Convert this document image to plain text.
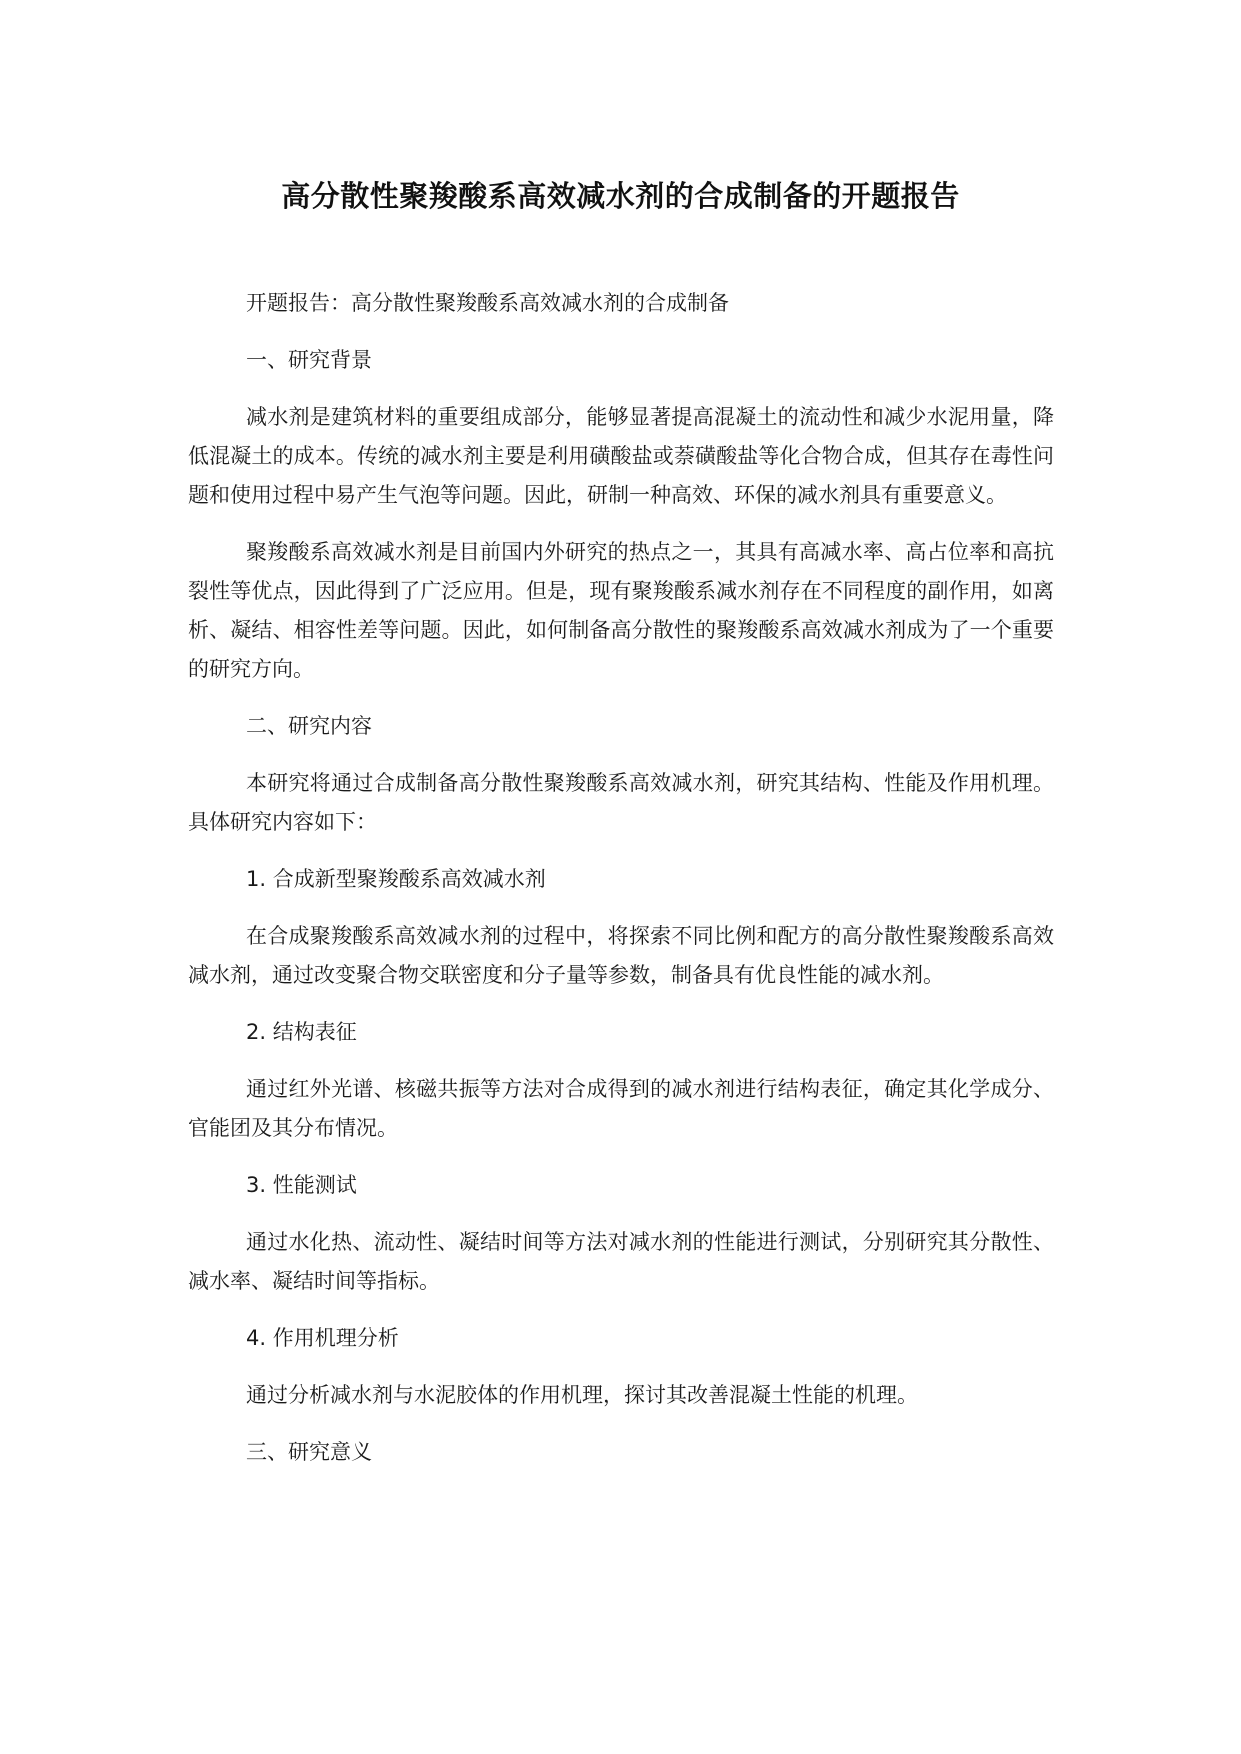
高分散性聚羧酸系高效减水剂的合成制备的开题报告

开题报告：高分散性聚羧酸系高效减水剂的合成制备

一、研究背景

减水剂是建筑材料的重要组成部分，能够显著提高混凝土的流动性和减少水泥用量，降低混凝土的成本。传统的减水剂主要是利用磺酸盐或萘磺酸盐等化合物合成，但其存在毒性问题和使用过程中易产生气泡等问题。因此，研制一种高效、环保的减水剂具有重要意义。

聚羧酸系高效减水剂是目前国内外研究的热点之一，其具有高减水率、高占位率和高抗裂性等优点，因此得到了广泛应用。但是，现有聚羧酸系减水剂存在不同程度的副作用，如离析、凝结、相容性差等问题。因此，如何制备高分散性的聚羧酸系高效减水剂成为了一个重要的研究方向。

二、研究内容

本研究将通过合成制备高分散性聚羧酸系高效减水剂，研究其结构、性能及作用机理。具体研究内容如下：

1. 合成新型聚羧酸系高效减水剂

在合成聚羧酸系高效减水剂的过程中，将探索不同比例和配方的高分散性聚羧酸系高效减水剂，通过改变聚合物交联密度和分子量等参数，制备具有优良性能的减水剂。

2. 结构表征

通过红外光谱、核磁共振等方法对合成得到的减水剂进行结构表征，确定其化学成分、官能团及其分布情况。

3. 性能测试

通过水化热、流动性、凝结时间等方法对减水剂的性能进行测试，分别研究其分散性、减水率、凝结时间等指标。

4. 作用机理分析

通过分析减水剂与水泥胶体的作用机理，探讨其改善混凝土性能的机理。

三、研究意义
